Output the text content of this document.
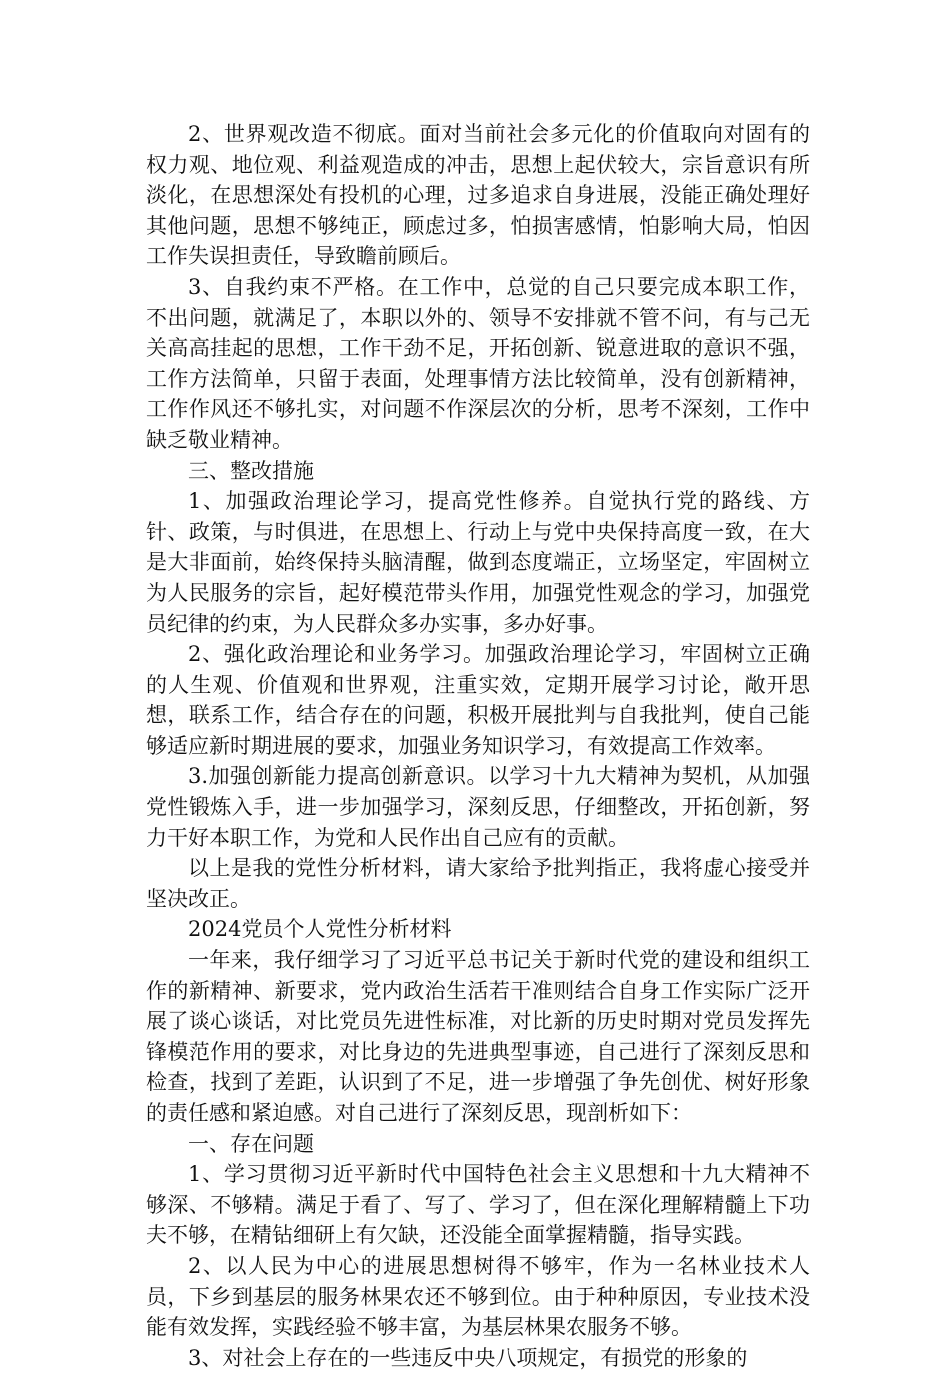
2、世界观改造不彻底。面对当前社会多元化的价值取向对固有的权力观、地位观、利益观造成的冲击，思想上起伏较大，宗旨意识有所淡化，在思想深处有投机的心理，过多追求自身进展，没能正确处理好其他问题，思想不够纯正，顾虑过多，怕损害感情，怕影响大局，怕因工作失误担责任，导致瞻前顾后。

3、自我约束不严格。在工作中，总觉的自己只要完成本职工作，不出问题，就满足了，本职以外的、领导不安排就不管不问，有与己无关高高挂起的思想，工作干劲不足，开拓创新、锐意进取的意识不强，工作方法简单，只留于表面，处理事情方法比较简单，没有创新精神，工作作风还不够扎实，对问题不作深层次的分析，思考不深刻，工作中缺乏敬业精神。

三、整改措施

1、加强政治理论学习，提高党性修养。自觉执行党的路线、方针、政策，与时俱进，在思想上、行动上与党中央保持高度一致，在大是大非面前，始终保持头脑清醒，做到态度端正，立场坚定，牢固树立为人民服务的宗旨，起好模范带头作用，加强党性观念的学习，加强党员纪律的约束，为人民群众多办实事，多办好事。

2、强化政治理论和业务学习。加强政治理论学习，牢固树立正确的人生观、价值观和世界观，注重实效，定期开展学习讨论，敞开思想，联系工作，结合存在的问题，积极开展批判与自我批判，使自己能够适应新时期进展的要求，加强业务知识学习，有效提高工作效率。

3.加强创新能力提高创新意识。以学习十九大精神为契机，从加强党性锻炼入手，进一步加强学习，深刻反思，仔细整改，开拓创新，努力干好本职工作，为党和人民作出自己应有的贡献。

以上是我的党性分析材料，请大家给予批判指正，我将虚心接受并坚决改正。

2024党员个人党性分析材料

一年来，我仔细学习了习近平总书记关于新时代党的建设和组织工作的新精神、新要求，党内政治生活若干准则结合自身工作实际广泛开展了谈心谈话，对比党员先进性标准，对比新的历史时期对党员发挥先锋模范作用的要求，对比身边的先进典型事迹，自己进行了深刻反思和检查，找到了差距，认识到了不足，进一步增强了争先创优、树好形象的责任感和紧迫感。对自己进行了深刻反思，现剖析如下：

一、存在问题

1、学习贯彻习近平新时代中国特色社会主义思想和十九大精神不够深、不够精。满足于看了、写了、学习了，但在深化理解精髓上下功夫不够，在精钻细研上有欠缺，还没能全面掌握精髓，指导实践。

2、以人民为中心的进展思想树得不够牢，作为一名林业技术人员，下乡到基层的服务林果农还不够到位。由于种种原因，专业技术没能有效发挥，实践经验不够丰富，为基层林果农服务不够。

3、对社会上存在的一些违反中央八项规定，有损党的形象的
